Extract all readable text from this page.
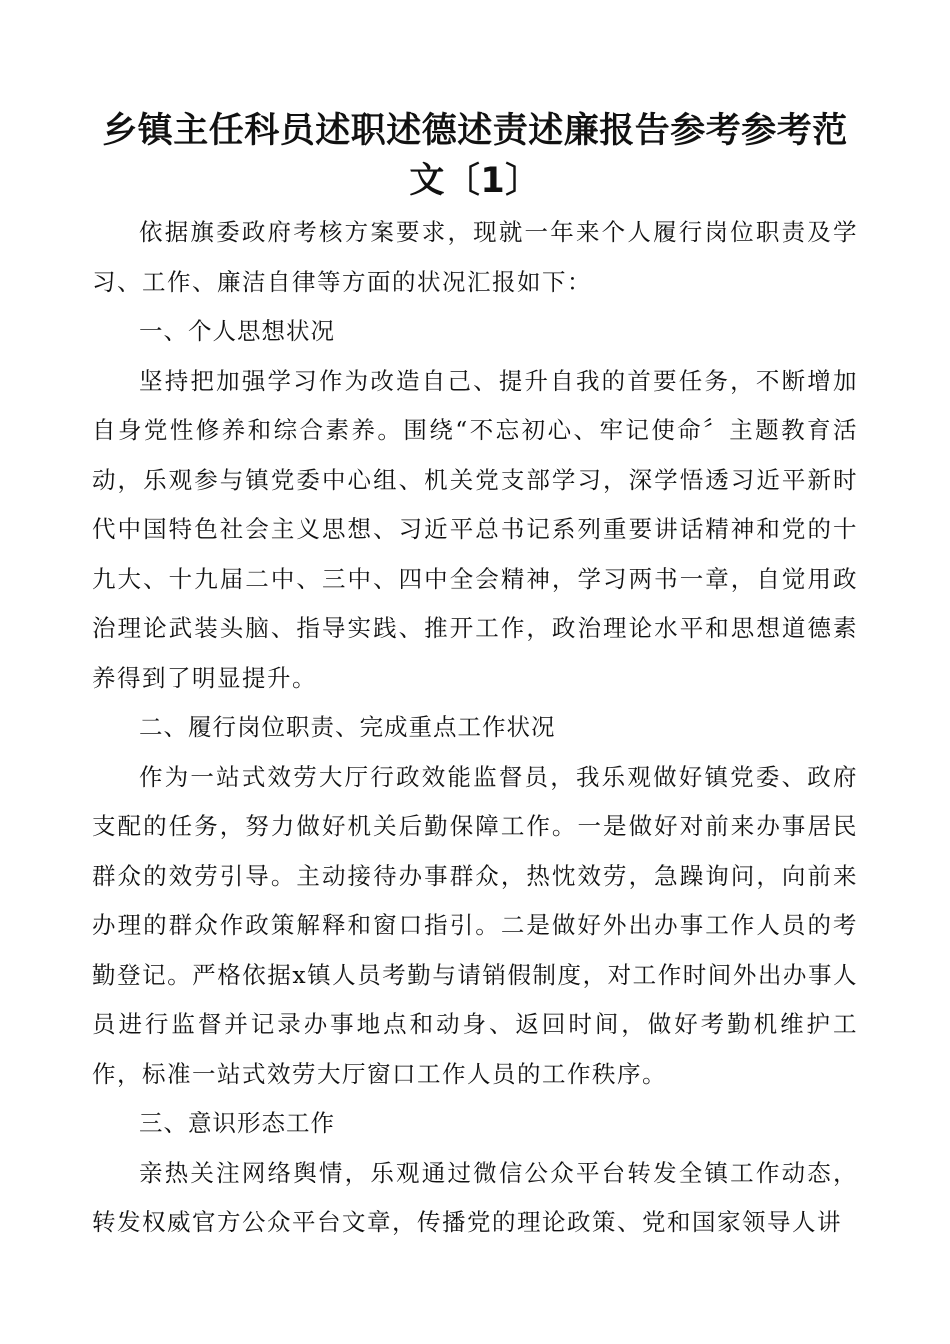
乡镇主任科员述职述德述责述廉报告参考参考范文〔1〕

依据旗委政府考核方案要求，现就一年来个人履行岗位职责及学习、工作、廉洁自律等方面的状况汇报如下：

一、个人思想状况

坚持把加强学习作为改造自己、提升自我的首要任务，不断增加自身党性修养和综合素养。围绕“不忘初心、牢记使命〞主题教育活动，乐观参与镇党委中心组、机关党支部学习，深学悟透习近平新时代中国特色社会主义思想、习近平总书记系列重要讲话精神和党的十九大、十九届二中、三中、四中全会精神，学习两书一章，自觉用政治理论武装头脑、指导实践、推开工作，政治理论水平和思想道德素养得到了明显提升。

二、履行岗位职责、完成重点工作状况

作为一站式效劳大厅行政效能监督员，我乐观做好镇党委、政府支配的任务，努力做好机关后勤保障工作。一是做好对前来办事居民群众的效劳引导。主动接待办事群众，热忱效劳，急躁询问，向前来办理的群众作政策解释和窗口指引。二是做好外出办事工作人员的考勤登记。严格依据x镇人员考勤与请销假制度，对工作时间外出办事人员进行监督并记录办事地点和动身、返回时间，做好考勤机维护工作，标准一站式效劳大厅窗口工作人员的工作秩序。

三、意识形态工作

亲热关注网络舆情，乐观通过微信公众平台转发全镇工作动态，转发权威官方公众平台文章，传播党的理论政策、党和国家领导人讲
